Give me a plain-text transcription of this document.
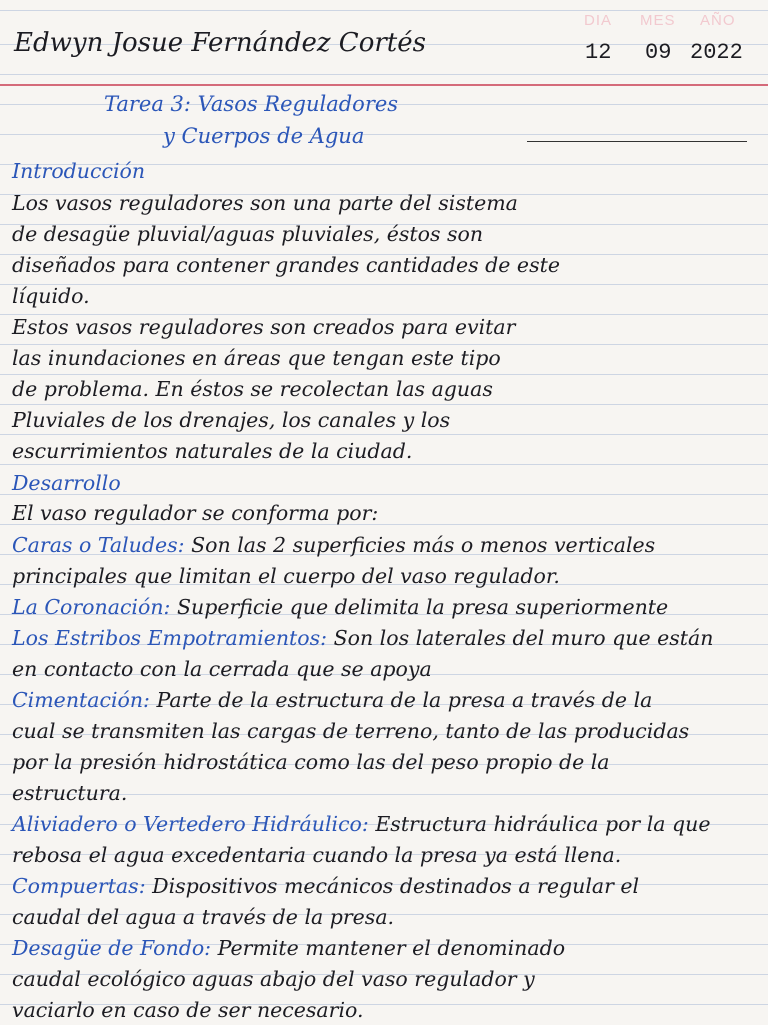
Edwyn Josue Fernández Cortés
DIA MES AÑO
12 09 2022
Tarea 3: Vasos Reguladores
y Cuerpos de Agua
Introducción
Los vasos reguladores son una parte del sistema
de desagüe pluvial/aguas pluviales, éstos son
diseñados para contener grandes cantidades de este
líquido.
Estos vasos reguladores son creados para evitar
las inundaciones en áreas que tengan este tipo
de problema. En éstos se recolectan las aguas
Pluviales de los drenajes, los canales y los
escurrimientos naturales de la ciudad.
Desarrollo
El vaso regulador se conforma por:
Caras o Taludes: Son las 2 superficies más o menos verticales
principales que limitan el cuerpo del vaso regulador.
La Coronación: Superficie que delimita la presa superiormente
Los Estribos Empotramientos: Son los laterales del muro que están
en contacto con la cerrada que se apoya
Cimentación: Parte de la estructura de la presa a través de la
cual se transmiten las cargas de terreno, tanto de las producidas
por la presión hidrostática como las del peso propio de la
estructura.
Aliviadero o Vertedero Hidráulico: Estructura hidráulica por la que
rebosa el agua excedentaria cuando la presa ya está llena.
Compuertas: Dispositivos mecánicos destinados a regular el
caudal del agua a través de la presa.
Desagüe de Fondo: Permite mantener el denominado
caudal ecológico aguas abajo del vaso regulador y
vaciarlo en caso de ser necesario.
